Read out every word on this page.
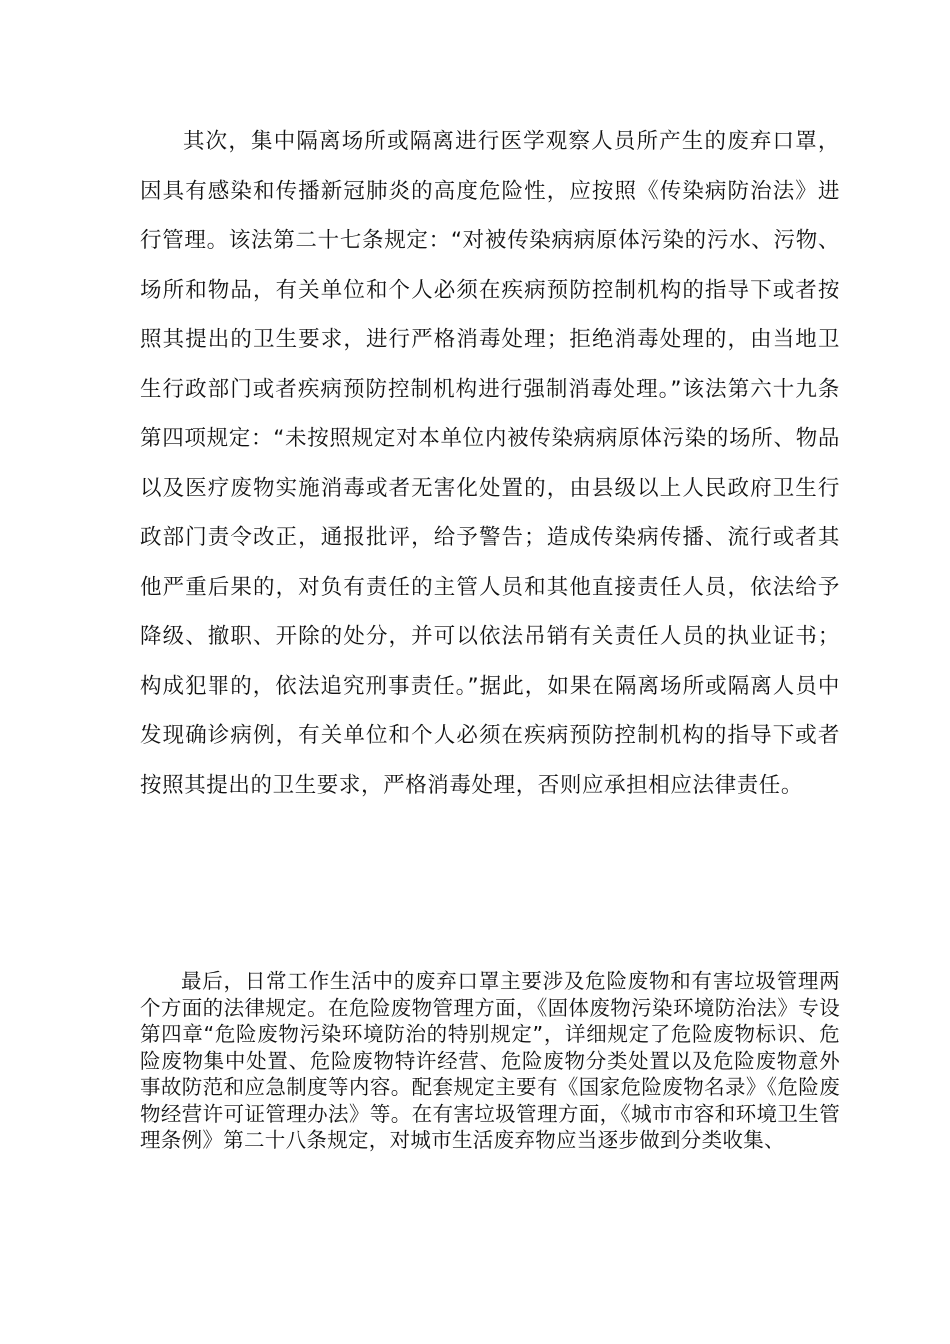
其次，集中隔离场所或隔离进行医学观察人员所产生的废弃口罩，因具有感染和传播新冠肺炎的高度危险性，应按照《传染病防治法》进行管理。该法第二十七条规定：“对被传染病病原体污染的污水、污物、场所和物品，有关单位和个人必须在疾病预防控制机构的指导下或者按照其提出的卫生要求，进行严格消毒处理；拒绝消毒处理的，由当地卫生行政部门或者疾病预防控制机构进行强制消毒处理。”该法第六十九条第四项规定：“未按照规定对本单位内被传染病病原体污染的场所、物品以及医疗废物实施消毒或者无害化处置的，由县级以上人民政府卫生行政部门责令改正，通报批评，给予警告；造成传染病传播、流行或者其他严重后果的，对负有责任的主管人员和其他直接责任人员，依法给予降级、撤职、开除的处分，并可以依法吊销有关责任人员的执业证书；构成犯罪的，依法追究刑事责任。”据此，如果在隔离场所或隔离人员中发现确诊病例，有关单位和个人必须在疾病预防控制机构的指导下或者按照其提出的卫生要求，严格消毒处理，否则应承担相应法律责任。

最后，日常工作生活中的废弃口罩主要涉及危险废物和有害垃圾管理两个方面的法律规定。在危险废物管理方面，《固体废物污染环境防治法》专设第四章“危险废物污染环境防治的特别规定”，详细规定了危险废物标识、危险废物集中处置、危险废物特许经营、危险废物分类处置以及危险废物意外事故防范和应急制度等内容。配套规定主要有《国家危险废物名录》《危险废物经营许可证管理办法》等。在有害垃圾管理方面，《城市市容和环境卫生管理条例》第二十八条规定，对城市生活废弃物应当逐步做到分类收集、
